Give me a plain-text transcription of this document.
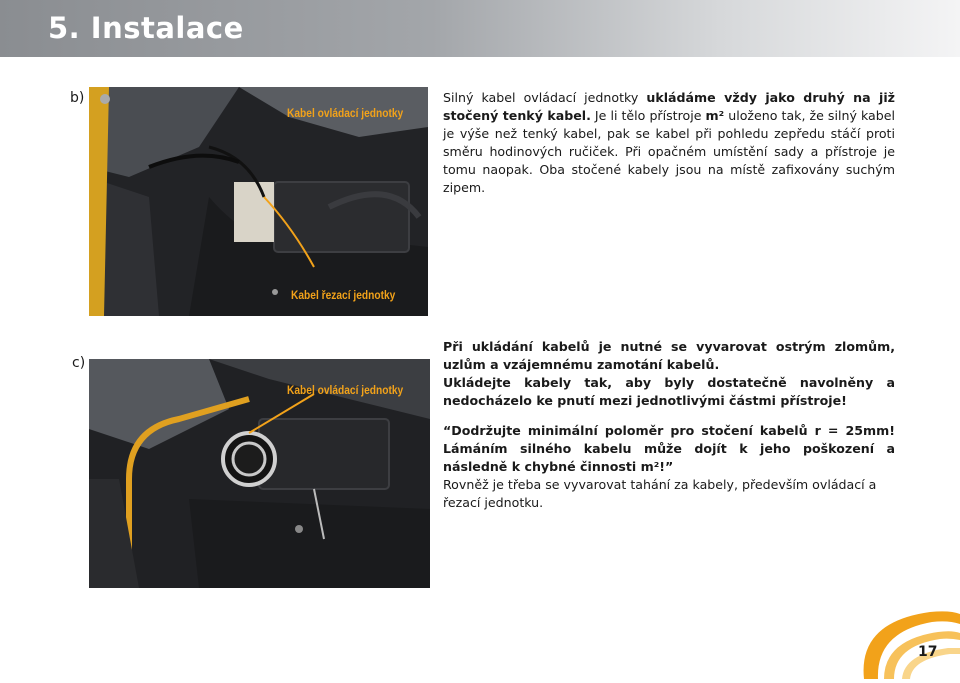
5. Instalace
b)
Kabel ovládací jednotky
Kabel řezací jednotky

Silný kabel ovládací jednotky ukládáme vždy jako druhý na již stočený tenký kabel. Je li tělo přístroje m² uloženo tak, že silný kabel je výše než tenký kabel, pak se kabel při pohledu zepředu stáčí proti směru hodinových ručiček. Při opačném umístění sady a přístroje je tomu naopak. Oba stočené kabely jsou na místě zafixovány suchým zipem.

c)
Kabel ovládací jednotky

Při ukládání kabelů je nutné se vyvarovat ostrým zlomům, uzlům a vzájemnému zamotání kabelů.

Ukládejte kabely tak, aby byly dostatečně navolněny a nedocházelo ke pnutí mezi jednotlivými částmi přístroje!

“Dodržujte minimální poloměr pro stočení kabelů r = 25mm! Lámáním silného kabelu může dojít k jeho poškození a následně k chybné činnosti m²!”

Rovněž je třeba se vyvarovat tahání za kabely, především ovládací a řezací jednotku.

17
